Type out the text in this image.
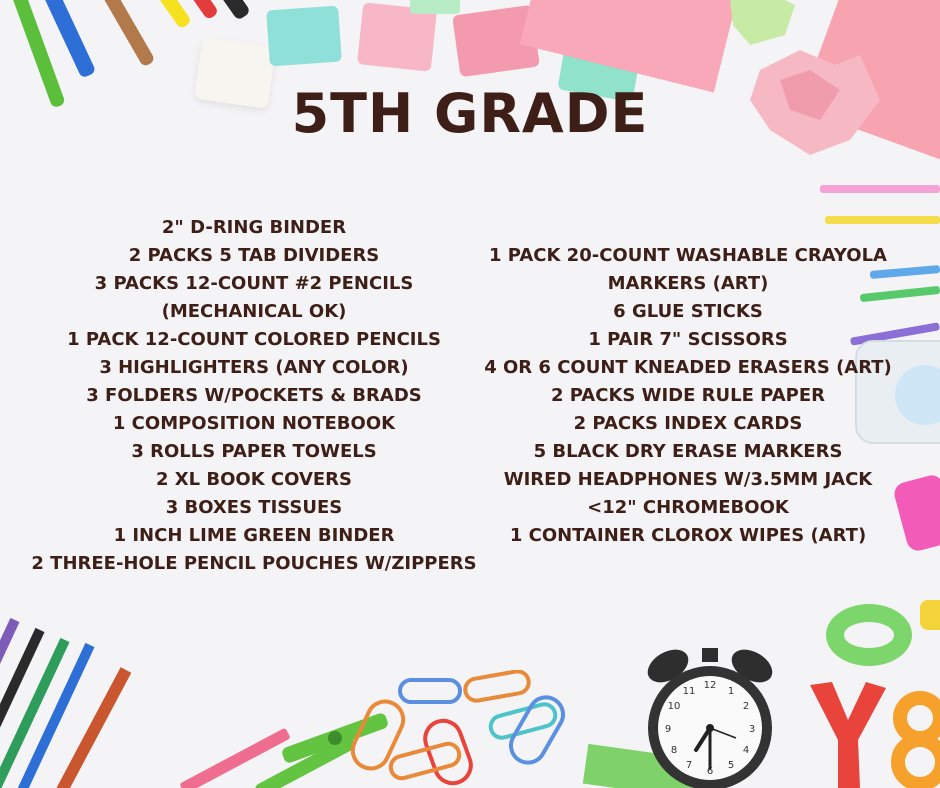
12
1
2
3
4
5
6
7
8
9
10
11
5TH GRADE
2" D-RING BINDER
2 PACKS 5 TAB DIVIDERS
3 PACKS 12-COUNT #2 PENCILS
(MECHANICAL OK)
1 PACK 12-COUNT COLORED PENCILS
3 HIGHLIGHTERS (ANY COLOR)
3 FOLDERS W/POCKETS & BRADS
1 COMPOSITION NOTEBOOK
3 ROLLS PAPER TOWELS
2 XL BOOK COVERS
3 BOXES TISSUES
1 INCH LIME GREEN BINDER
2 THREE-HOLE PENCIL POUCHES W/ZIPPERS
1 PACK 20-COUNT WASHABLE CRAYOLA
MARKERS (ART)
6 GLUE STICKS
1 PAIR 7" SCISSORS
4 OR 6 COUNT KNEADED ERASERS (ART)
2 PACKS WIDE RULE PAPER
2 PACKS INDEX CARDS
5 BLACK DRY ERASE MARKERS
WIRED HEADPHONES W/3.5MM JACK
<12" CHROMEBOOK
1 CONTAINER CLOROX WIPES (ART)
